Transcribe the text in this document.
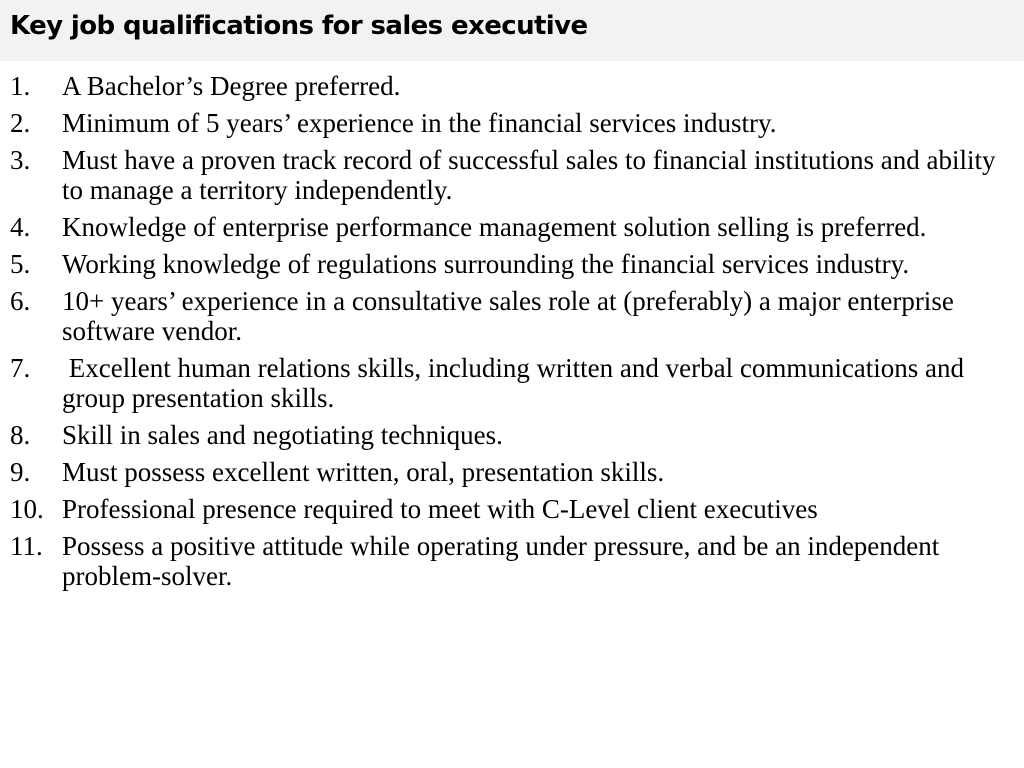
Key job qualifications for sales executive
1. A Bachelor’s Degree preferred.
2. Minimum of 5 years’ experience in the financial services industry.
3. Must have a proven track record of successful sales to financial institutions and ability to manage a territory independently.
4. Knowledge of enterprise performance management solution selling is preferred.
5. Working knowledge of regulations surrounding the financial services industry.
6. 10+ years’ experience in a consultative sales role at (preferably) a major enterprise software vendor.
7. Excellent human relations skills, including written and verbal communications and group presentation skills.
8. Skill in sales and negotiating techniques.
9. Must possess excellent written, oral, presentation skills.
10. Professional presence required to meet with C-Level client executives
11. Possess a positive attitude while operating under pressure, and be an independent problem-solver.
